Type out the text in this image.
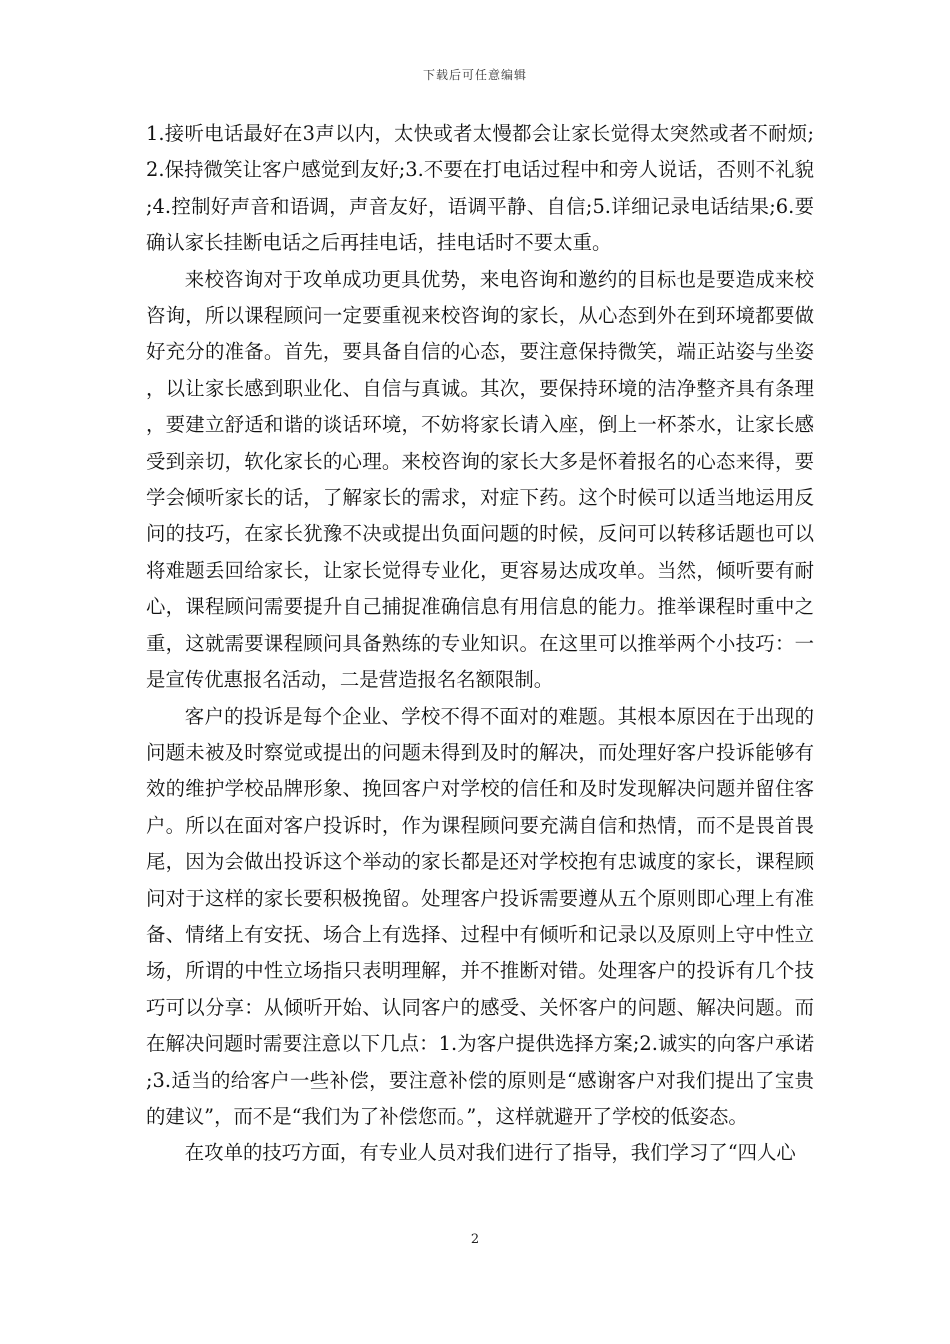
下载后可任意编辑

1.接听电话最好在3声以内，太快或者太慢都会让家长觉得太突然或者不耐烦;2.保持微笑让客户感觉到友好;3.不要在打电话过程中和旁人说话，否则不礼貌;4.控制好声音和语调，声音友好，语调平静、自信;5.详细记录电话结果;6.要确认家长挂断电话之后再挂电话，挂电话时不要太重。

来校咨询对于攻单成功更具优势，来电咨询和邀约的目标也是要造成来校咨询，所以课程顾问一定要重视来校咨询的家长，从心态到外在到环境都要做好充分的准备。首先，要具备自信的心态，要注意保持微笑，端正站姿与坐姿，以让家长感到职业化、自信与真诚。其次，要保持环境的洁净整齐具有条理，要建立舒适和谐的谈话环境，不妨将家长请入座，倒上一杯茶水，让家长感受到亲切，软化家长的心理。来校咨询的家长大多是怀着报名的心态来得，要学会倾听家长的话，了解家长的需求，对症下药。这个时候可以适当地运用反问的技巧，在家长犹豫不决或提出负面问题的时候，反问可以转移话题也可以将难题丢回给家长，让家长觉得专业化，更容易达成攻单。当然，倾听要有耐心，课程顾问需要提升自己捕捉准确信息有用信息的能力。推举课程时重中之重，这就需要课程顾问具备熟练的专业知识。在这里可以推举两个小技巧：一是宣传优惠报名活动，二是营造报名名额限制。

客户的投诉是每个企业、学校不得不面对的难题。其根本原因在于出现的问题未被及时察觉或提出的问题未得到及时的解决，而处理好客户投诉能够有效的维护学校品牌形象、挽回客户对学校的信任和及时发现解决问题并留住客户。所以在面对客户投诉时，作为课程顾问要充满自信和热情，而不是畏首畏尾，因为会做出投诉这个举动的家长都是还对学校抱有忠诚度的家长，课程顾问对于这样的家长要积极挽留。处理客户投诉需要遵从五个原则即心理上有准备、情绪上有安抚、场合上有选择、过程中有倾听和记录以及原则上守中性立场，所谓的中性立场指只表明理解，并不推断对错。处理客户的投诉有几个技巧可以分享：从倾听开始、认同客户的感受、关怀客户的问题、解决问题。而在解决问题时需要注意以下几点：1.为客户提供选择方案;2.诚实的向客户承诺;3.适当的给客户一些补偿，要注意补偿的原则是“感谢客户对我们提出了宝贵的建议”，而不是“我们为了补偿您而。”，这样就避开了学校的低姿态。

在攻单的技巧方面，有专业人员对我们进行了指导，我们学习了“四人心

2
